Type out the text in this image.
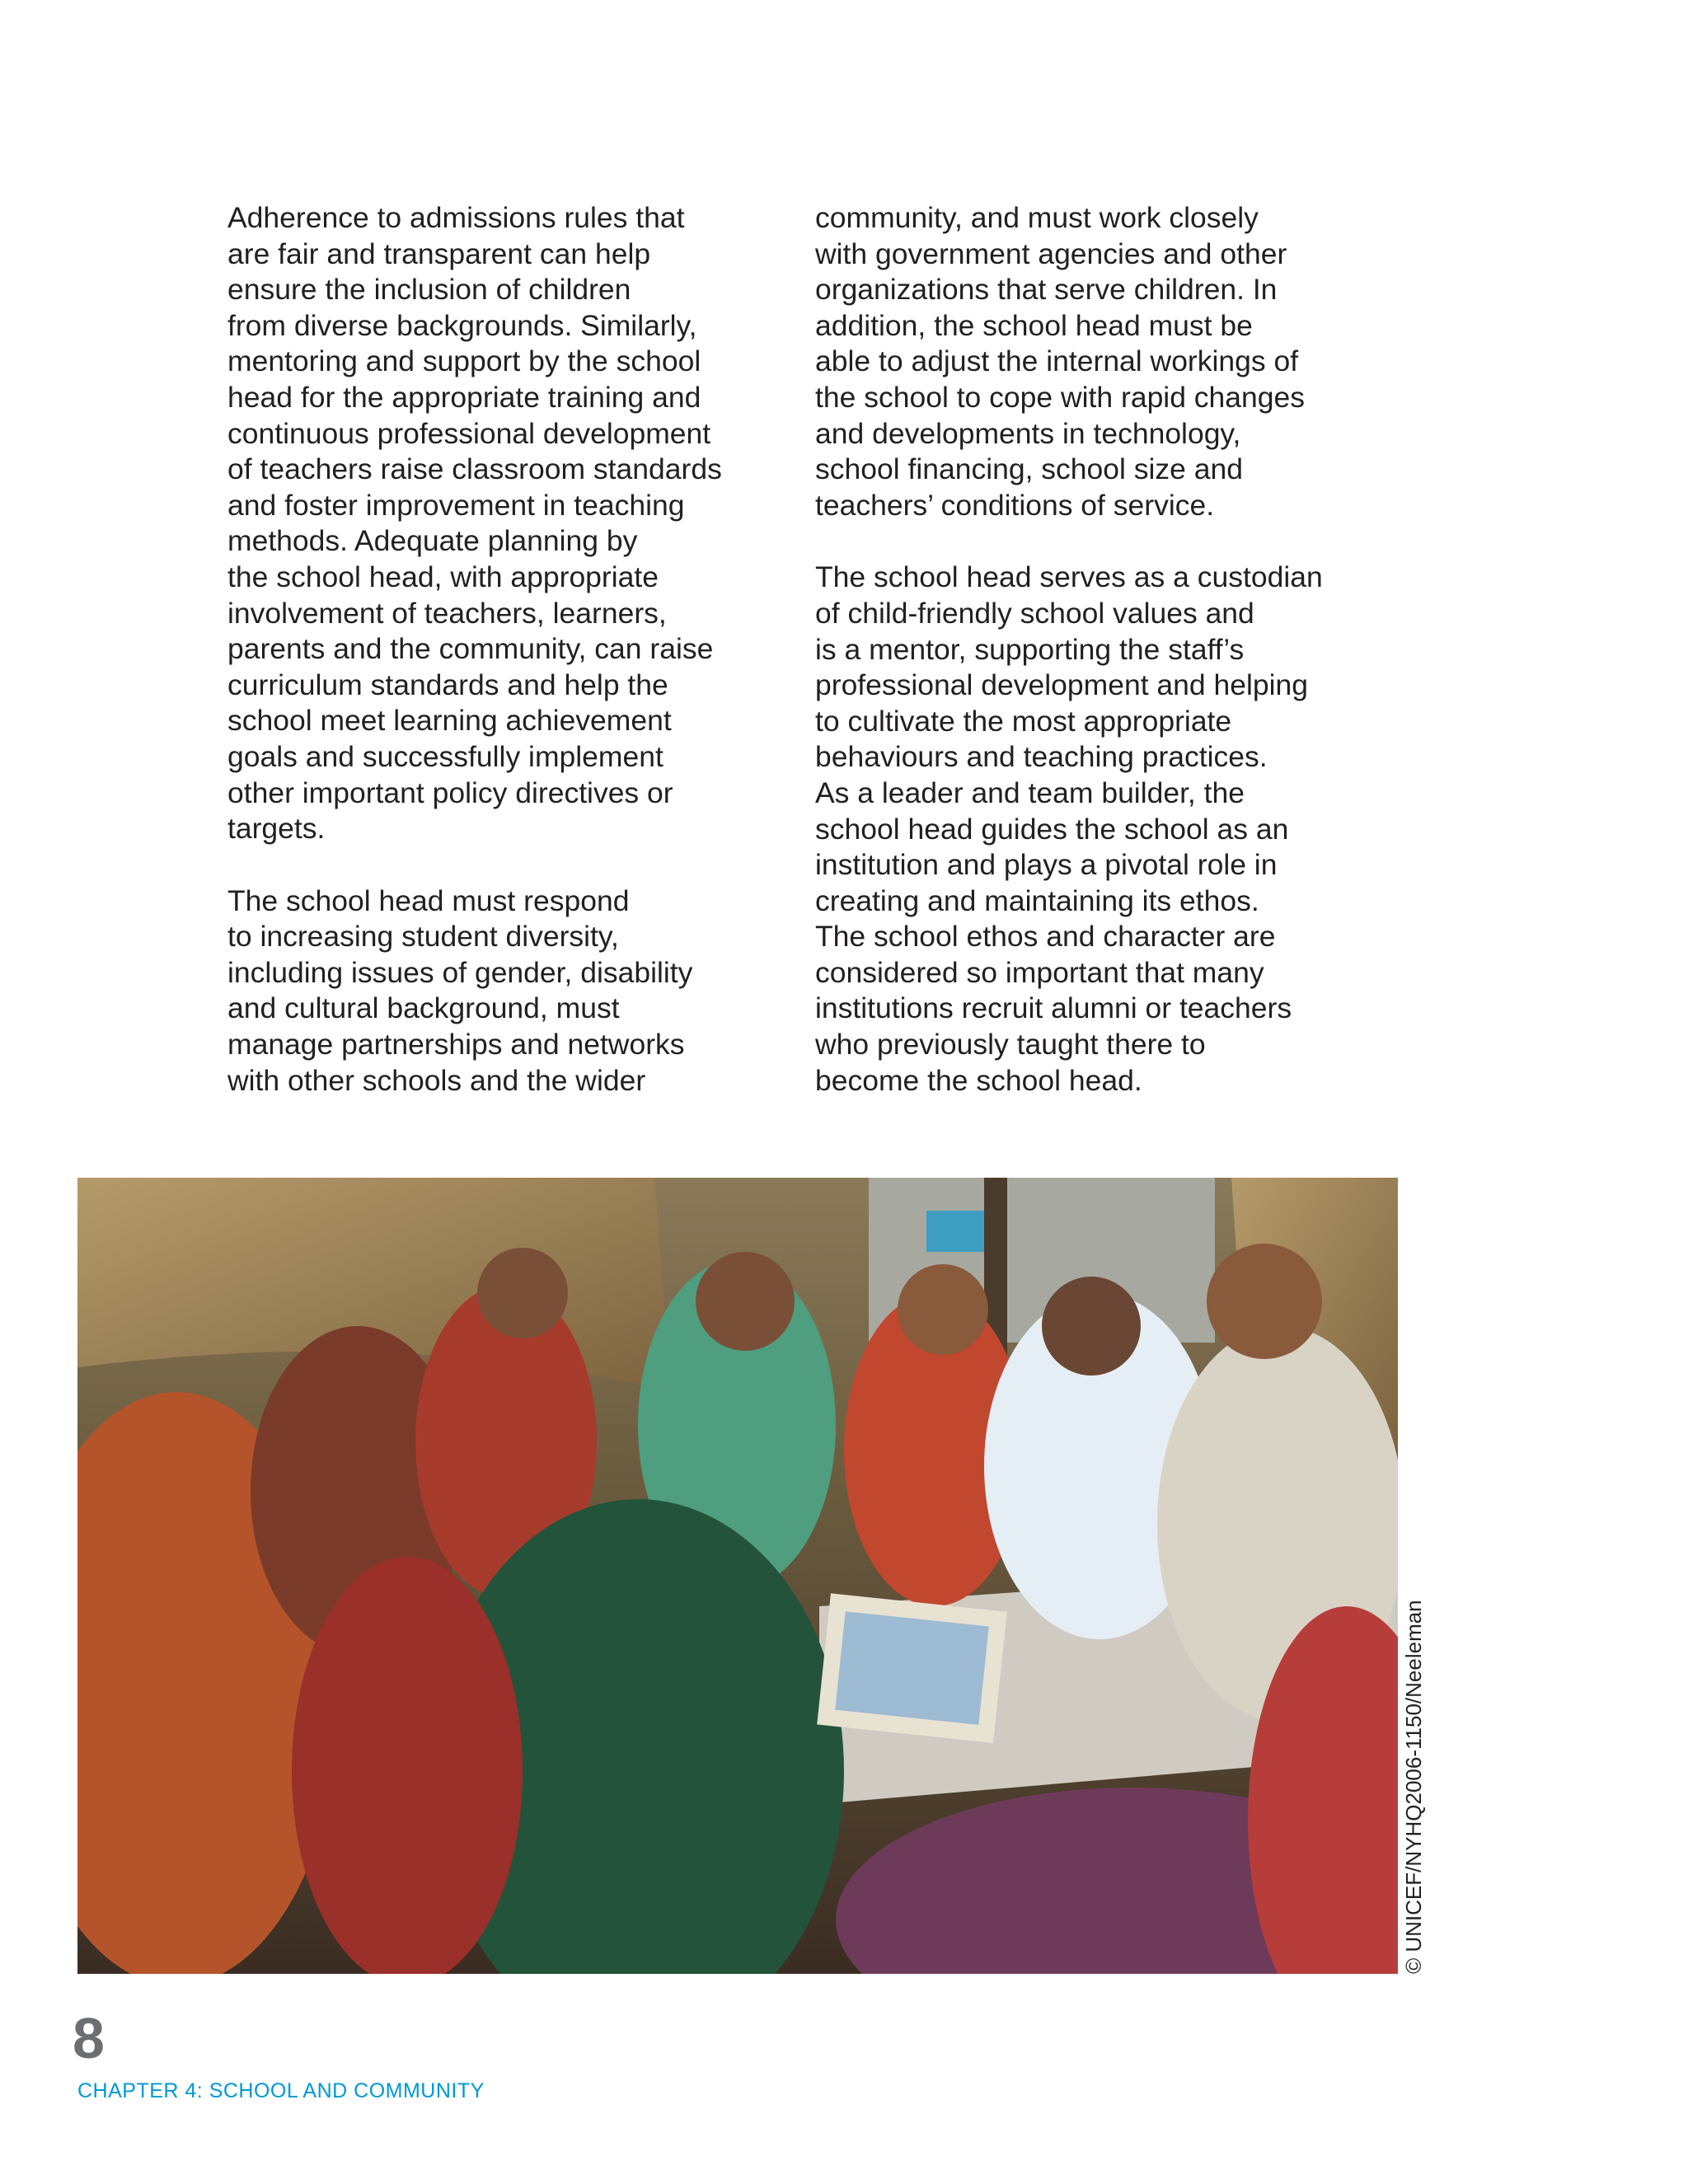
Adherence to admissions rules that
are fair and transparent can help
ensure the inclusion of children
from diverse backgrounds. Similarly,
mentoring and support by the school
head for the appropriate training and
continuous professional development
of teachers raise classroom standards
and foster improvement in teaching
methods. Adequate planning by
the school head, with appropriate
involvement of teachers, learners,
parents and the community, can raise
curriculum standards and help the
school meet learning achievement
goals and successfully implement
other important policy directives or
targets.

The school head must respond
to increasing student diversity,
including issues of gender, disability
and cultural background, must
manage partnerships and networks
with other schools and the wider

community, and must work closely
with government agencies and other
organizations that serve children. In
addition, the school head must be
able to adjust the internal workings of
the school to cope with rapid changes
and developments in technology,
school financing, school size and
teachers’ conditions of service.

The school head serves as a custodian
of child-friendly school values and
is a mentor, supporting the staff’s
professional development and helping
to cultivate the most appropriate
behaviours and teaching practices.
As a leader and team builder, the
school head guides the school as an
institution and plays a pivotal role in
creating and maintaining its ethos.
The school ethos and character are
considered so important that many
institutions recruit alumni or teachers
who previously taught there to
become the school head.

© UNICEF/NYHQ2006-1150/Neeleman
8
CHAPTER 4: SCHOOL AND COMMUNITY
